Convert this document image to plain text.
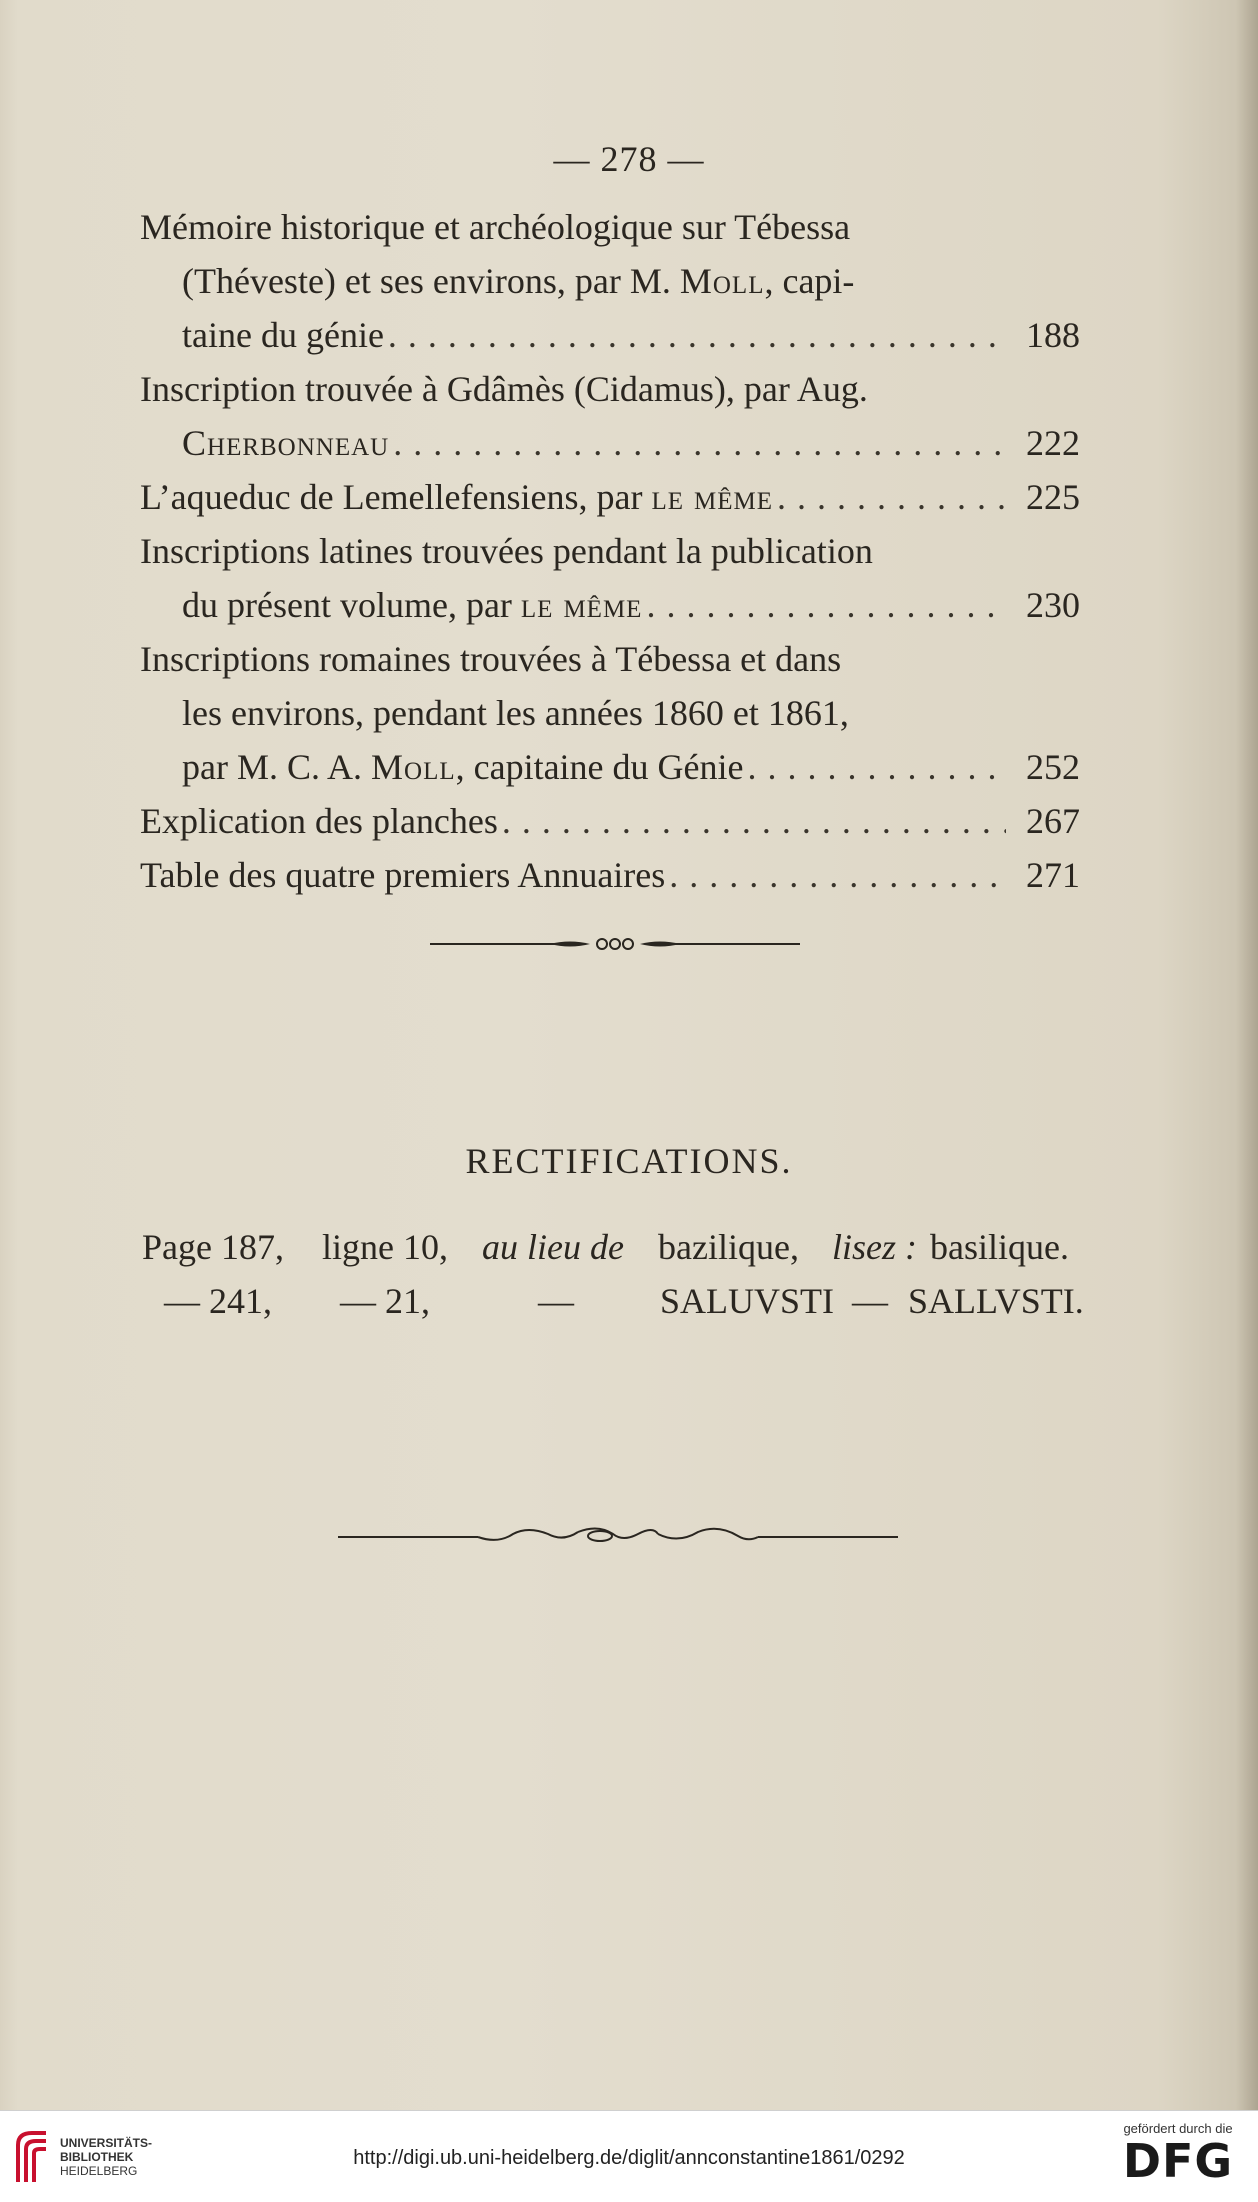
— 278 —
Mémoire historique et archéologique sur Tébessa
(Théveste) et ses environs, par M. Moll, capi-
taine du génie . . .	188
Inscription trouvée à Gdâmès (Cidamus), par Aug.
Cherbonneau . . .	222
L’aqueduc de Lemellefensiens, par le même . . .	225
Inscriptions latines trouvées pendant la publication
du présent volume, par le même . . .	230
Inscriptions romaines trouvées à Tébessa et dans
les environs, pendant les années 1860 et 1861,
par M. C. A. Moll, capitaine du Génie . . .	252
Explication des planches . . .	267
Table des quatre premiers Annuaires . . .	271
RECTIFICATIONS.
Page 187, ligne 10, au lieu de bazilique, lisez : basilique.
— 241, — 21,	— SALUVSTI — SALLVSTI.
UNIVERSITÄTS-
BIBLIOTHEK
HEIDELBERG
http://digi.ub.uni-heidelberg.de/diglit/annconstantine1861/0292
gefördert durch die
DFG
